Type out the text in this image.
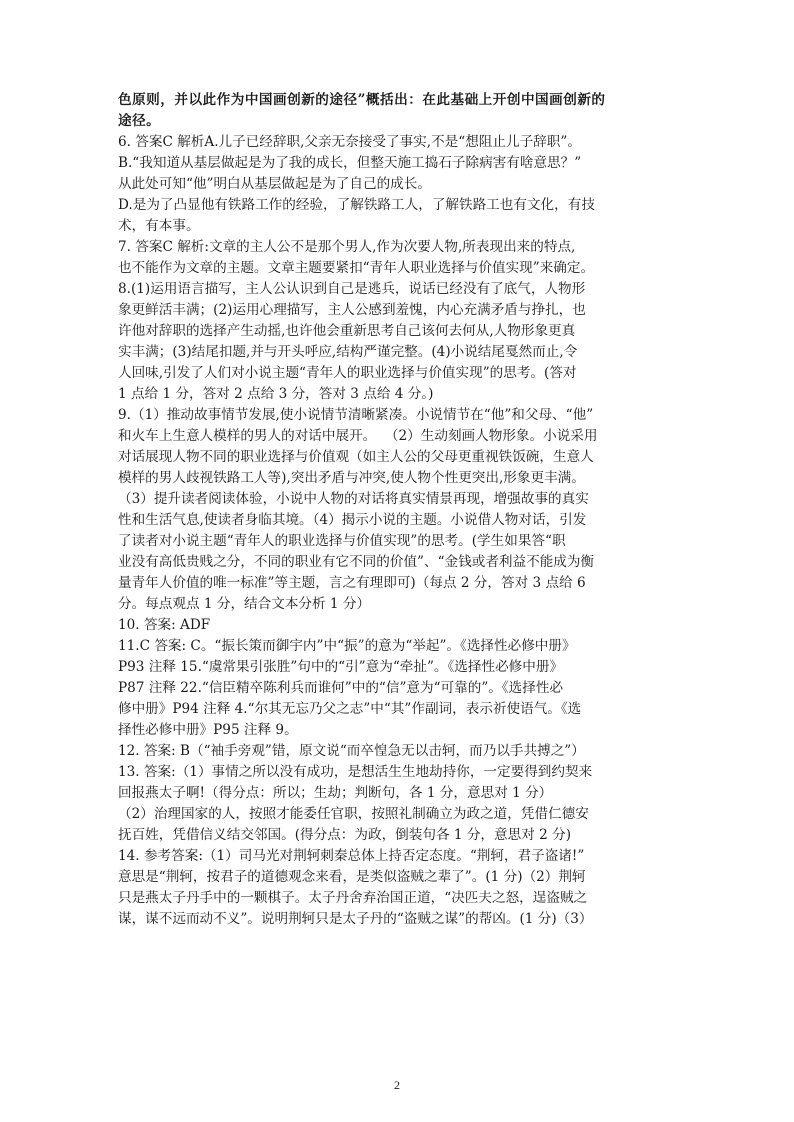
色原则，并以此作为中国画创新的途径”概括出：在此基础上开创中国画创新的

途径。

6. 答案C 解析A.儿子已经辞职,父亲无奈接受了事实,不是“想阻止儿子辞职”。

B.“我知道从基层做起是为了我的成长，但整天施工捣石子除病害有啥意思？”

从此处可知“他”明白从基层做起是为了自己的成长。

D.是为了凸显他有铁路工作的经验，了解铁路工人，了解铁路工也有文化，有技

术，有本事。

7. 答案C 解析:文章的主人公不是那个男人,作为次要人物,所表现出来的特点,

也不能作为文章的主题。文章主题要紧扣“青年人职业选择与价值实现”来确定。

8.(1)运用语言描写，主人公认识到自己是逃兵，说话已经没有了底气，人物形

象更鲜活丰满；(2)运用心理描写，主人公感到羞愧，内心充满矛盾与挣扎，也

许他对辞职的选择产生动摇,也许他会重新思考自己该何去何从,人物形象更真

实丰满；(3)结尾扣题,并与开头呼应,结构严谨完整。(4)小说结尾戛然而止,令

人回味,引发了人们对小说主题“青年人的职业选择与价值实现”的思考。(答对

1 点给 1 分，答对 2 点给 3 分，答对 3 点给 4 分。)

9.（1）推动故事情节发展,使小说情节清晰紧凑。小说情节在“他”和父母、“他”

和火车上生意人模样的男人的对话中展开。  （2）生动刻画人物形象。小说采用

对话展现人物不同的职业选择与价值观（如主人公的父母更重视铁饭碗，生意人

模样的男人歧视铁路工人等),突出矛盾与冲突,使人物个性更突出,形象更丰满。

（3）提升读者阅读体验，小说中人物的对话将真实情景再现，增强故事的真实

性和生活气息,使读者身临其境。（4）揭示小说的主题。小说借人物对话，引发

了读者对小说主题“青年人的职业选择与价值实现”的思考。(学生如果答“职

业没有高低贵贱之分，不同的职业有它不同的价值”、“金钱或者利益不能成为衡

量青年人价值的唯一标准”等主题，言之有理即可)（每点 2 分，答对 3 点给 6

分。每点观点 1 分，结合文本分析 1 分）

10. 答案: ADF

11.C 答案: C。“振长策而御宇内”中“振”的意为“举起”。《选择性必修中册》

P93 注释 15.“虞常果引张胜”句中的“引”意为“牵扯”。《选择性必修中册》

P87 注释 22.“信臣精卒陈利兵而谁何”中的“信”意为“可靠的”。《选择性必

修中册》P94 注释 4.“尔其无忘乃父之志”中“其”作副词，表示祈使语气。《选

择性必修中册》P95 注释 9。

12. 答案: B（“袖手旁观”错，原文说“而卒惶急无以击轲，而乃以手共搏之”）

13. 答案:（1）事情之所以没有成功，是想活生生地劫持你，一定要得到约契来

回报燕太子啊!（得分点：所以；生劫；判断句，各 1 分，意思对 1 分）

（2）治理国家的人，按照才能委任官职，按照礼制确立为政之道，凭借仁德安

抚百姓，凭借信义结交邻国。(得分点：为政，倒装句各 1 分，意思对 2 分)

14. 参考答案:（1）司马光对荆轲刺秦总体上持否定态度。“荆轲，君子盗诸!”

意思是“荆轲，按君子的道德观念来看，是类似盗贼之辈了”。(1 分)（2）荆轲

只是燕太子丹手中的一颗棋子。太子丹舍弃治国正道，“决匹夫之怒，逞盗贼之

谋，谋不远而动不义”。说明荆轲只是太子丹的“盗贼之谋”的帮凶。(1 分)（3）

2
